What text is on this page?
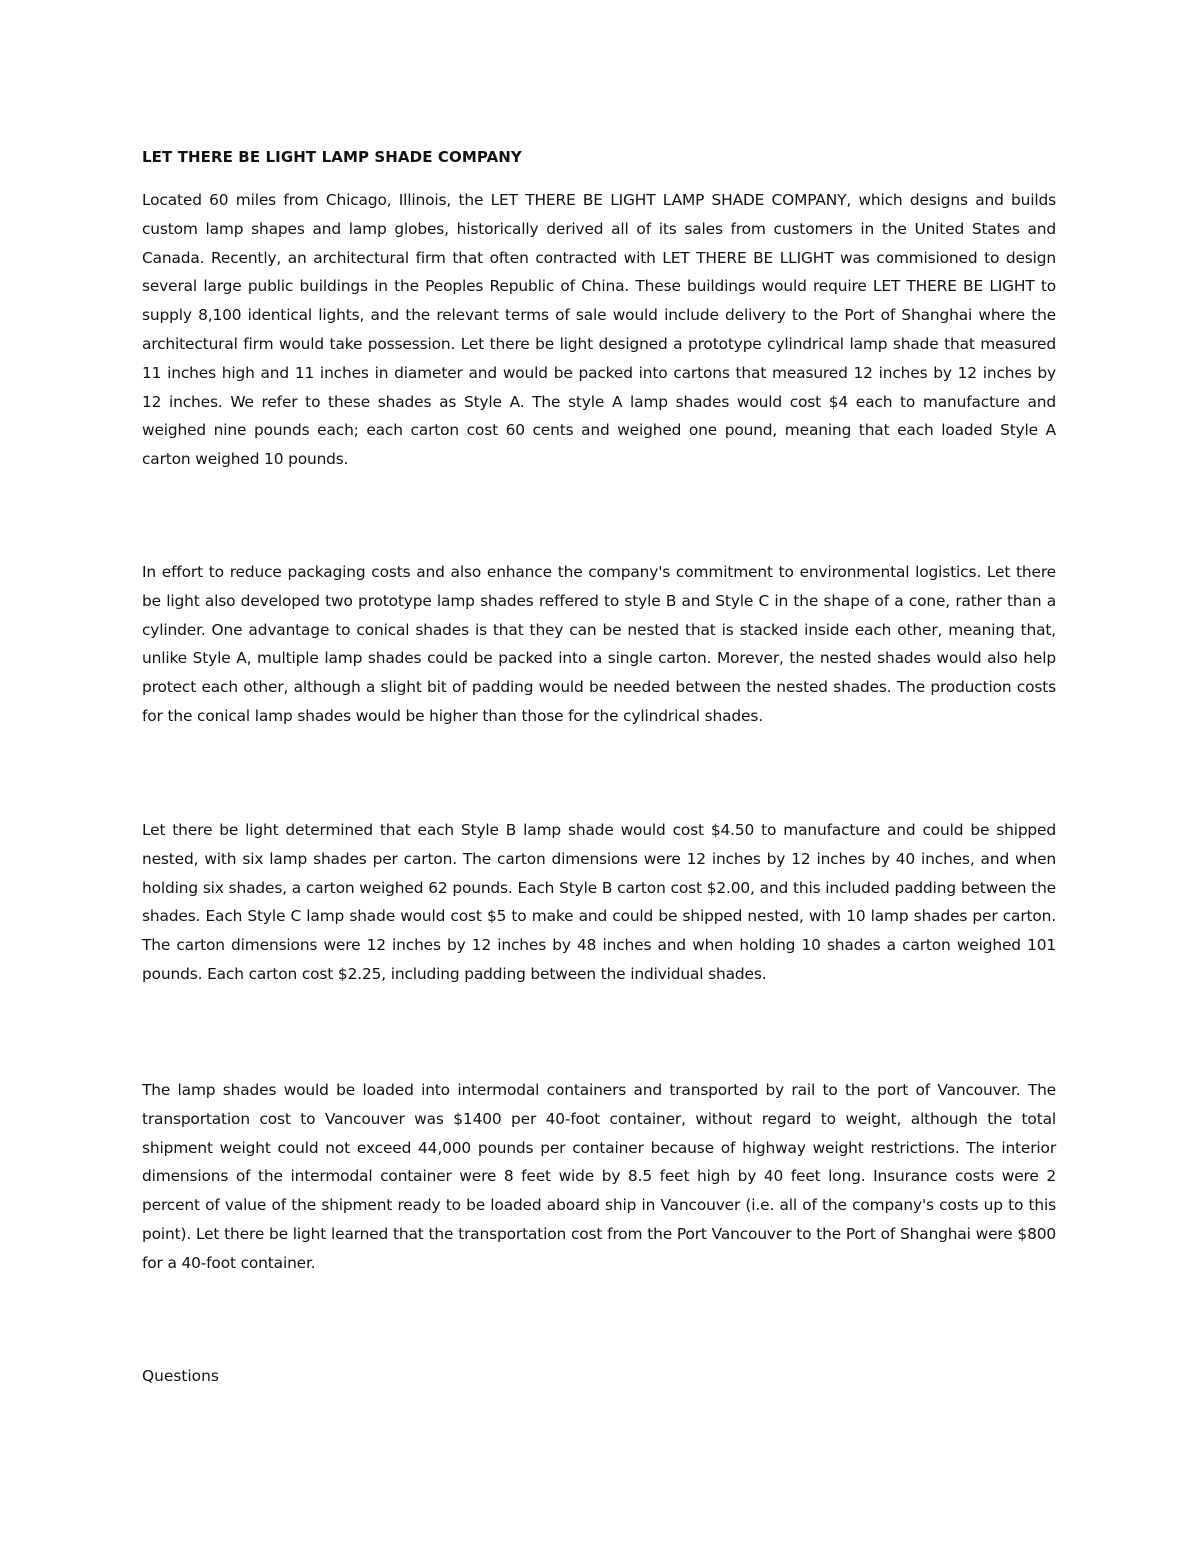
LET THERE BE LIGHT LAMP SHADE COMPANY

Located 60 miles from Chicago, Illinois, the LET THERE BE LIGHT LAMP SHADE COMPANY, which designs and builds custom lamp shapes and lamp globes, historically derived all of its sales from customers in the United States and Canada. Recently, an architectural firm that often contracted with LET THERE BE LLIGHT was commisioned to design several large public buildings in the Peoples Republic of China. These buildings would require LET THERE BE LIGHT to supply 8,100 identical lights, and the relevant terms of sale would include delivery to the Port of Shanghai where the architectural firm would take possession. Let there be light designed a prototype cylindrical lamp shade that measured 11 inches high and 11 inches in diameter and would be packed into cartons that measured 12 inches by 12 inches by 12 inches. We refer to these shades as Style A. The style A lamp shades would cost $4 each to manufacture and weighed nine pounds each; each carton cost 60 cents and weighed one pound, meaning that each loaded Style A carton weighed 10 pounds.

In effort to reduce packaging costs and also enhance the company's commitment to environmental logistics. Let there be light also developed two prototype lamp shades reffered to style B and Style C in the shape of a cone, rather than a cylinder. One advantage to conical shades is that they can be nested that is stacked inside each other, meaning that, unlike Style A, multiple lamp shades could be packed into a single carton. Morever, the nested shades would also help protect each other, although a slight bit of padding would be needed between the nested shades. The production costs for the conical lamp shades would be higher than those for the cylindrical shades.

Let there be light determined that each Style B lamp shade would cost $4.50 to manufacture and could be shipped nested, with six lamp shades per carton. The carton dimensions were 12 inches by 12 inches by 40 inches, and when holding six shades, a carton weighed 62 pounds. Each Style B carton cost $2.00, and this included padding between the shades. Each Style C lamp shade would cost $5 to make and could be shipped nested, with 10 lamp shades per carton. The carton dimensions were 12 inches by 12 inches by 48 inches and when holding 10 shades a carton weighed 101 pounds. Each carton cost $2.25, including padding between the individual shades.

The lamp shades would be loaded into intermodal containers and transported by rail to the port of Vancouver. The transportation cost to Vancouver was $1400 per 40-foot container, without regard to weight, although the total shipment weight could not exceed 44,000 pounds per container because of highway weight restrictions. The interior dimensions of the intermodal container were 8 feet wide by 8.5 feet high by 40 feet long. Insurance costs were 2 percent of value of the shipment ready to be loaded aboard ship in Vancouver (i.e. all of the company's costs up to this point). Let there be light learned that the transportation cost from the Port Vancouver to the Port of Shanghai were $800 for a 40-foot container.

Questions
